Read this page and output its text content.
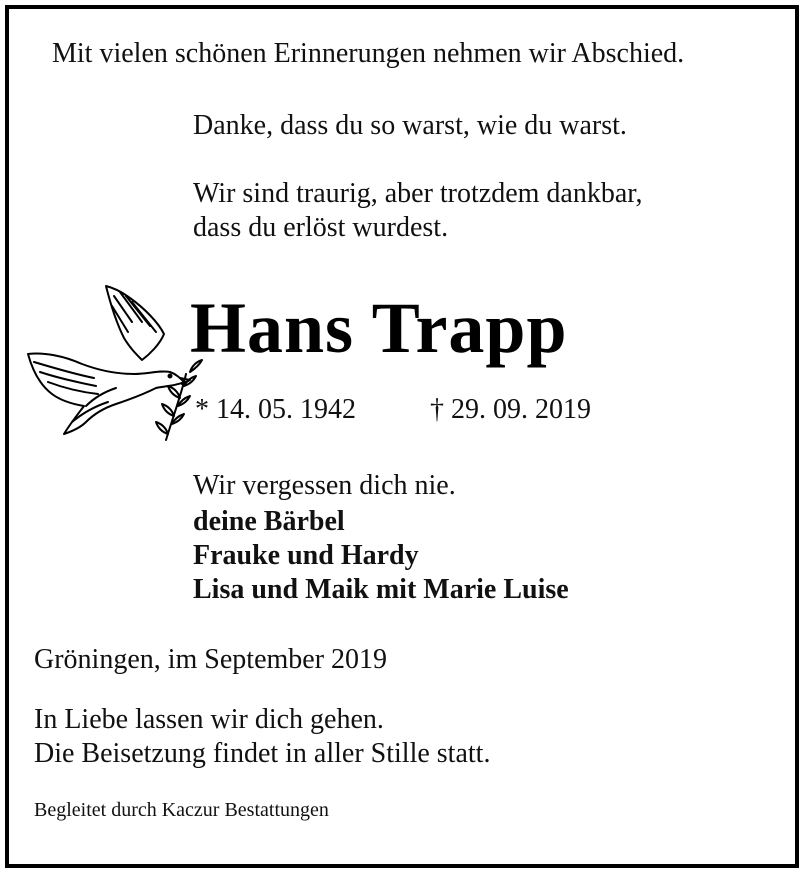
Mit vielen schönen Erinnerungen nehmen wir Abschied.
Danke, dass du so warst, wie du warst.
Wir sind traurig, aber trotzdem dankbar,
dass du erlöst wurdest.
Hans Trapp
* 14. 05. 1942	† 29. 09. 2019
Wir vergessen dich nie.
deine Bärbel
Frauke und Hardy
Lisa und Maik mit Marie Luise
Gröningen, im September 2019
In Liebe lassen wir dich gehen.
Die Beisetzung findet in aller Stille statt.
Begleitet durch Kaczur Bestattungen
